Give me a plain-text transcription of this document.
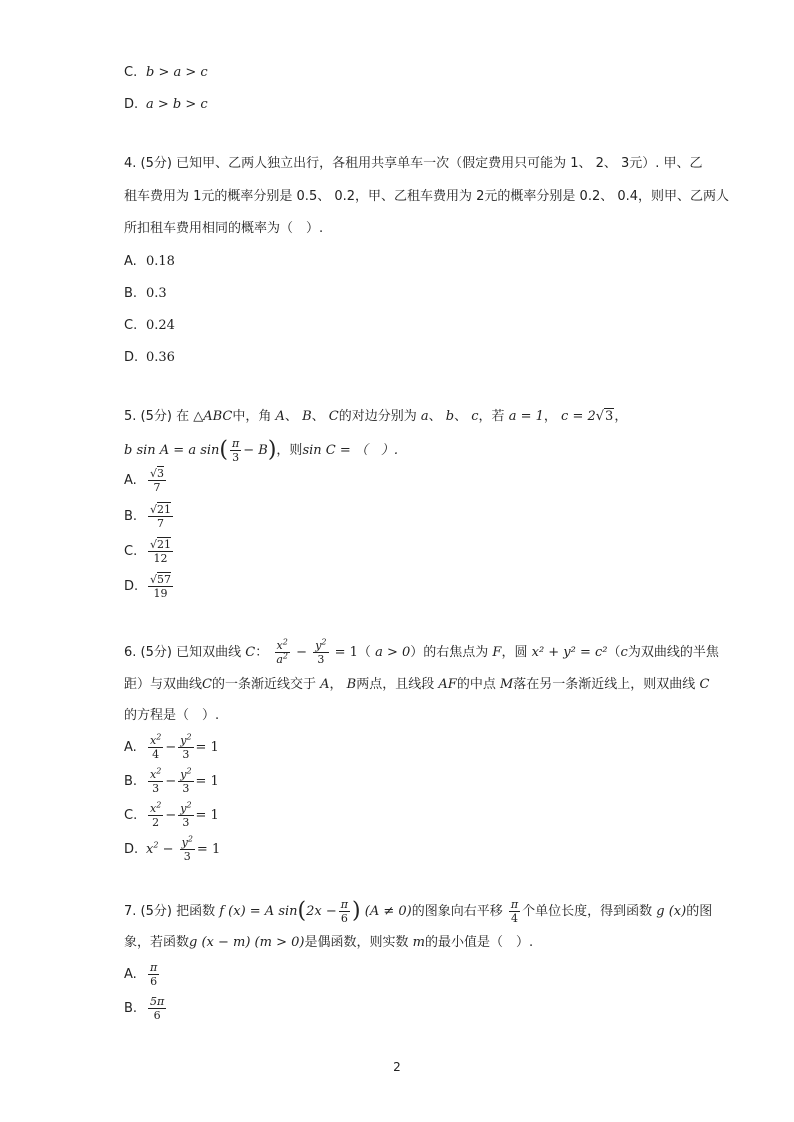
C. b > a > c
D. a > b > c
4. (5分) 已知甲、乙两人独立出行，各租用共享单车一次（假定费用只可能为 1、 2、 3元）. 甲、乙
租车费用为 1元的概率分别是 0.5、 0.2，甲、乙租车费用为 2元的概率分别是 0.2、 0.4，则甲、乙两人
所扣租车费用相同的概率为（　）.
A. 0.18
B. 0.3
C. 0.24
D. 0.36
5. (5分) 在 △ABC中，角 A、 B、 C的对边分别为 a、 b、 c，若 a = 1， c = 2√3，
b sin A = a $\sin( \frac{\pi}{3} - B)$，则sin C = （　）.
A. $\frac{√3}{7}$
B. $\frac{√21}{7}$
C. $\frac{√21}{12}$
D. $\frac{√57}{19}$
6. (5分) 已知双曲线 C： $\frac{x^2}{a^2} - \frac{y^2}{3} = 1$（ a > 0）的右焦点为 F，圆 x² + y² = c²（c为双曲线的半焦
距）与双曲线C的一条渐近线交于 A， B两点，且线段 AF的中点 M落在另一条渐近线上，则双曲线 C
的方程是（　）.
A. $\frac{x^2}{4} - \frac{y^2}{3} = 1$
B. $\frac{x^2}{3} - \frac{y^2}{3} = 1$
C. $\frac{x^2}{2} - \frac{y^2}{3} = 1$
D. $x^2 - \frac{y^2}{3} = 1$
7. (5分) 把函数 f (x) = A $\sin(2x - \frac{\pi}{6}$ ) (A ≠ 0)的图象向右平移 $\frac{\pi}{4}$ 个单位长度，得到函数 g (x)的图
象，若函数g (x − m) (m > 0)是偶函数，则实数 m的最小值是（　）.
A. $\frac{\pi}{6}$
B. $\frac{5\pi}{6}$
2
